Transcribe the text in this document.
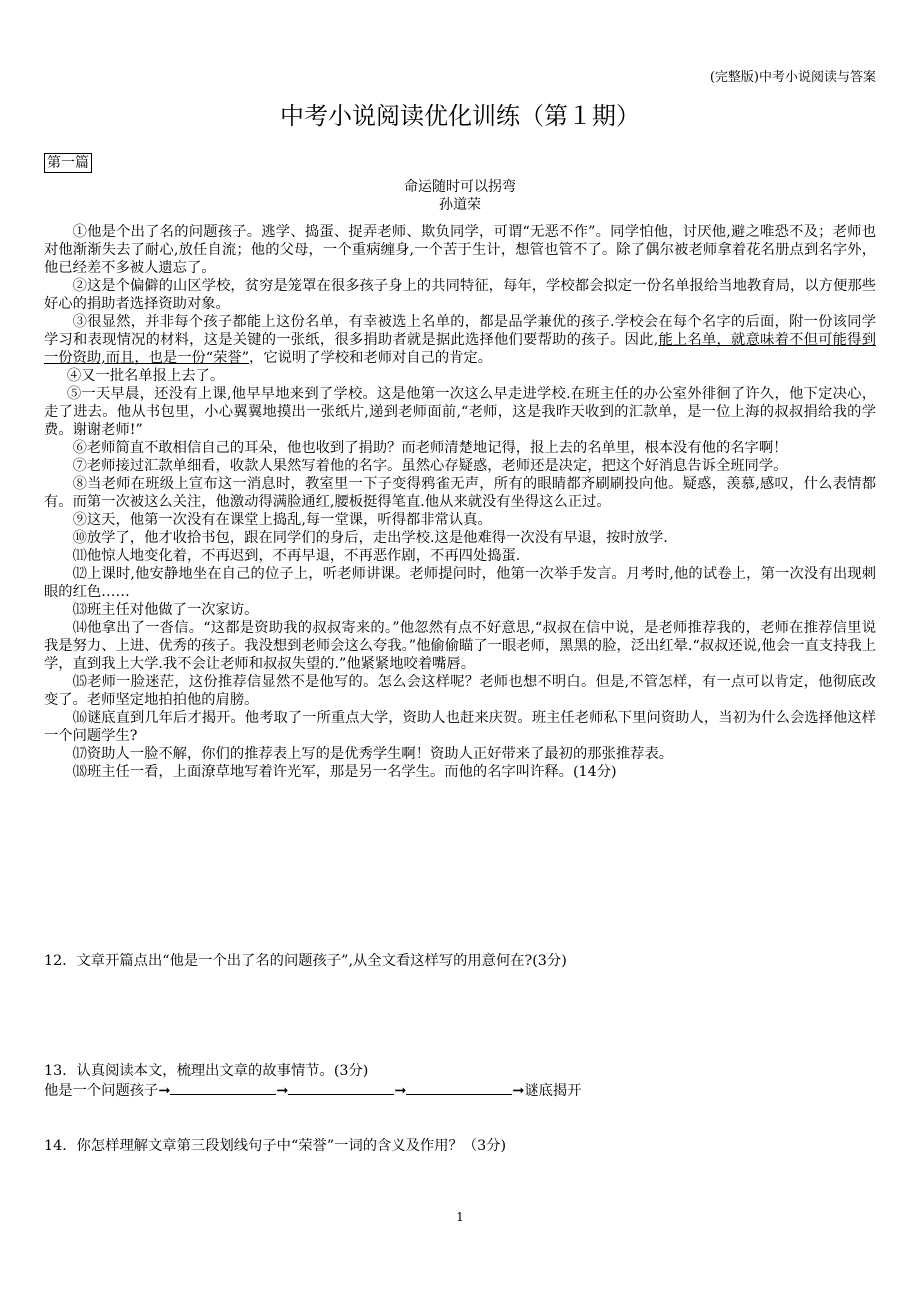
(完整版)中考小说阅读与答案
中考小说阅读优化训练（第１期）
第一篇
命运随时可以拐弯
孙道荣

①他是个出了名的问题孩子。逃学、捣蛋、捉弄老师、欺负同学，可谓“无恶不作”。同学怕他，讨厌他,避之唯恐不及；老师也对他渐渐失去了耐心,放任自流；他的父母，一个重病缠身,一个苦于生计，想管也管不了。除了偶尔被老师拿着花名册点到名字外，他已经差不多被人遗忘了。

②这是个偏僻的山区学校，贫穷是笼罩在很多孩子身上的共同特征，每年，学校都会拟定一份名单报给当地教育局，以方便那些好心的捐助者选择资助对象。

③很显然，并非每个孩子都能上这份名单，有幸被选上名单的，都是品学兼优的孩子.学校会在每个名字的后面，附一份该同学学习和表现情况的材料，这是关键的一张纸，很多捐助者就是据此选择他们要帮助的孩子。因此,能上名单，就意味着不但可能得到一份资助,而且，也是一份“荣誉”，它说明了学校和老师对自己的肯定。

④又一批名单报上去了。

⑤一天早晨，还没有上课,他早早地来到了学校。这是他第一次这么早走进学校.在班主任的办公室外徘徊了许久，他下定决心，走了进去。他从书包里，小心翼翼地摸出一张纸片,递到老师面前,“老师，这是我昨天收到的汇款单，是一位上海的叔叔捐给我的学费。谢谢老师!”

⑥老师简直不敢相信自己的耳朵，他也收到了捐助？而老师清楚地记得，报上去的名单里，根本没有他的名字啊！

⑦老师接过汇款单细看，收款人果然写着他的名字。虽然心存疑惑，老师还是决定，把这个好消息告诉全班同学。

⑧当老师在班级上宣布这一消息时，教室里一下子变得鸦雀无声，所有的眼睛都齐刷刷投向他。疑惑，羡慕,感叹，什么表情都有。而第一次被这么关注，他激动得满脸通红,腰板挺得笔直.他从来就没有坐得这么正过。

⑨这天，他第一次没有在课堂上捣乱,每一堂课，听得都非常认真。

⑩放学了，他才收拾书包，跟在同学们的身后，走出学校.这是他难得一次没有早退，按时放学.

⑾他惊人地变化着，不再迟到，不再早退，不再恶作剧，不再四处捣蛋.

⑿上课时,他安静地坐在自己的位子上，听老师讲课。老师提问时，他第一次举手发言。月考时,他的试卷上，第一次没有出现刺眼的红色……

⒀班主任对他做了一次家访。

⒁他拿出了一沓信。“这都是资助我的叔叔寄来的。”他忽然有点不好意思,“叔叔在信中说，是老师推荐我的，老师在推荐信里说我是努力、上进、优秀的孩子。我没想到老师会这么夸我。”他偷偷瞄了一眼老师，黑黑的脸，泛出红晕.“叔叔还说,他会一直支持我上学，直到我上大学.我不会让老师和叔叔失望的.”他紧紧地咬着嘴唇。

⒂老师一脸迷茫，这份推荐信显然不是他写的。怎么会这样呢？老师也想不明白。但是,不管怎样，有一点可以肯定，他彻底改变了。老师坚定地拍拍他的肩膀。

⒃谜底直到几年后才揭开。他考取了一所重点大学，资助人也赶来庆贺。班主任老师私下里问资助人，当初为什么会选择他这样一个问题学生?

⒄资助人一脸不解，你们的推荐表上写的是优秀学生啊！资助人正好带来了最初的那张推荐表。

⒅班主任一看，上面潦草地写着许光军，那是另一名学生。而他的名字叫许释。(14分)

12．文章开篇点出“他是一个出了名的问题孩子”,从全文看这样写的用意何在?(3分)
13．认真阅读本文，梳理出文章的故事情节。(3分)
他是一个问题孩子➞	➞	➞	➞谜底揭开
14．你怎样理解文章第三段划线句子中“荣誉”一词的含义及作用？（3分)
1
